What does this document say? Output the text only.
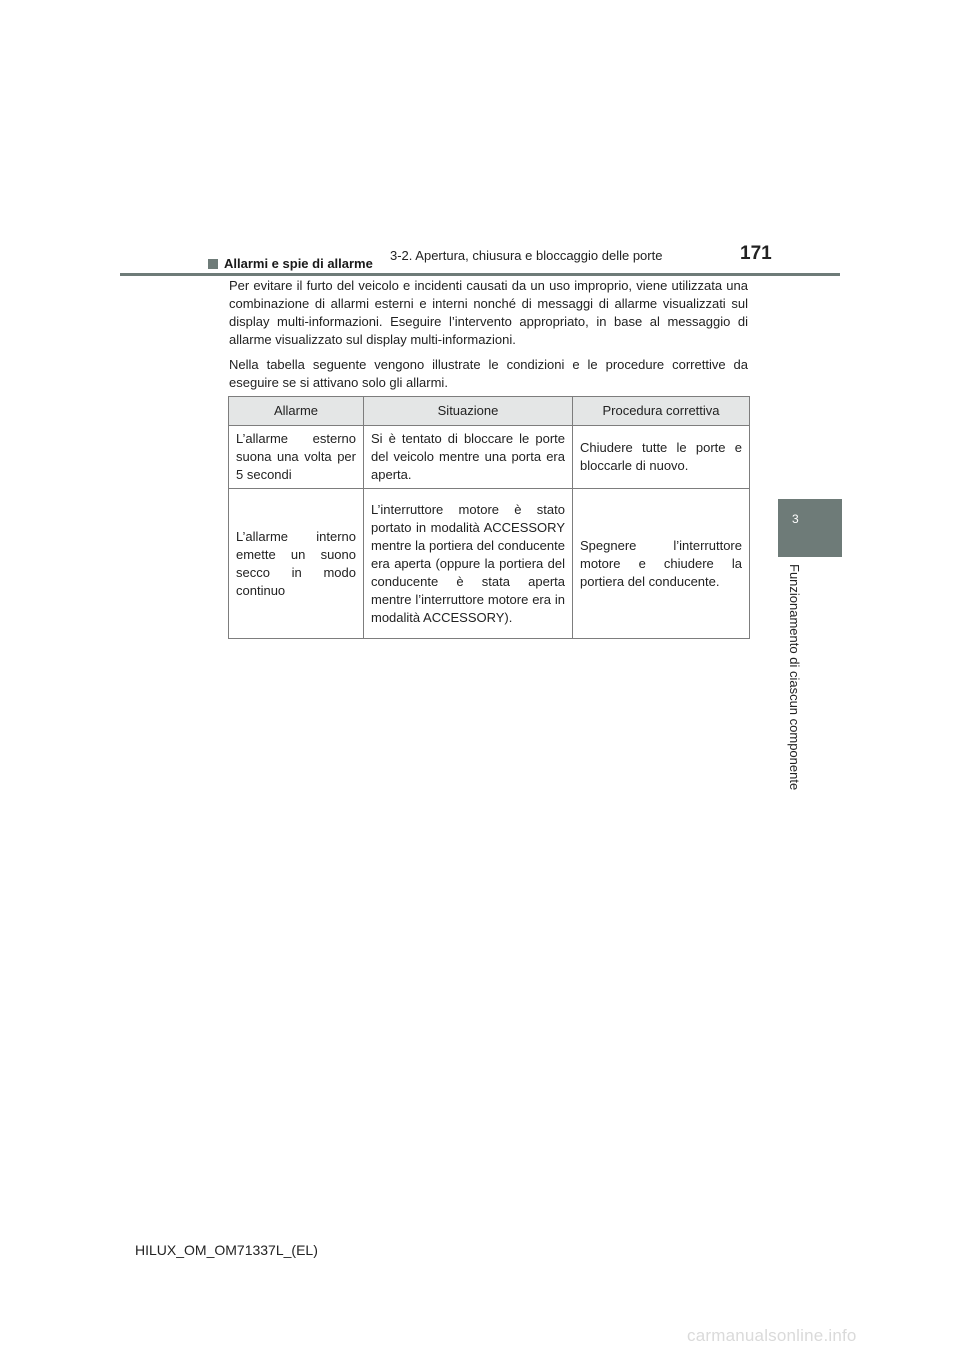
3-2. Apertura, chiusura e bloccaggio delle porte	171
3
Funzionamento di ciascun componente
Allarmi e spie di allarme

Per evitare il furto del veicolo e incidenti causati da un uso improprio, viene utilizzata una combinazione di allarmi esterni e interni nonché di messaggi di allarme visualizzati sul display multi-informazioni. Eseguire l’intervento appropriato, in base al messaggio di allarme visualizzato sul display multi-informazioni.

Nella tabella seguente vengono illustrate le condizioni e le procedure correttive da eseguire se si attivano solo gli allarmi.

Allarme	Situazione	Procedura correttiva
L’allarme esterno suona una volta per 5 secondi	Si è tentato di bloccare le porte del veicolo mentre una porta era aperta.	Chiudere tutte le porte e bloccarle di nuovo.
L’allarme interno emette un suono secco in modo continuo	L’interruttore motore è stato portato in modalità ACCESSORY mentre la portiera del conducente era aperta (oppure la portiera del conducente è stata aperta mentre l’interruttore motore era in modalità ACCESSORY).	Spegnere l’interruttore motore e chiudere la portiera del conducente.
HILUX_OM_OM71337L_(EL)
carmanualsonline.info
